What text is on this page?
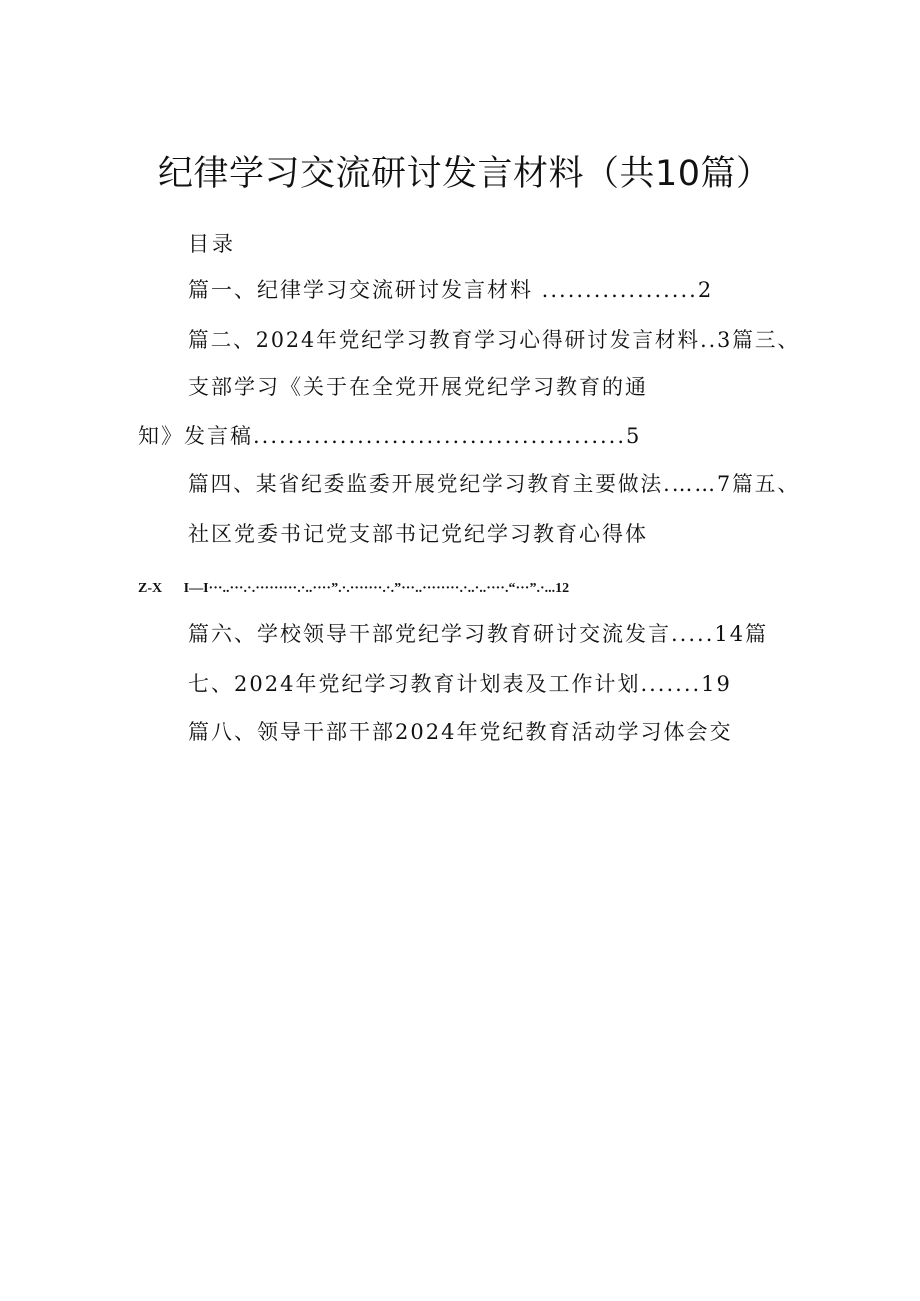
纪律学习交流研讨发言材料（共10篇）
目录
篇一、纪律学习交流研讨发言材料 ..................2
篇二、2024年党纪学习教育学习心得研讨发言材料..3篇三、
支部学习《关于在全党开展党纪学习教育的通
知》发言稿...........................................5
篇四、某省纪委监委开展党纪学习教育主要做法.……7篇五、
社区党委书记党支部书记党纪学习教育心得体
Z-X I—I···..···.·.·········.·..····”.·.·······.·.”···..········.·..·..····.“···”.·...12
篇六、学校领导干部党纪学习教育研讨交流发言.....14篇
七、2024年党纪学习教育计划表及工作计划.......19
篇八、领导干部干部2024年党纪教育活动学习体会交
